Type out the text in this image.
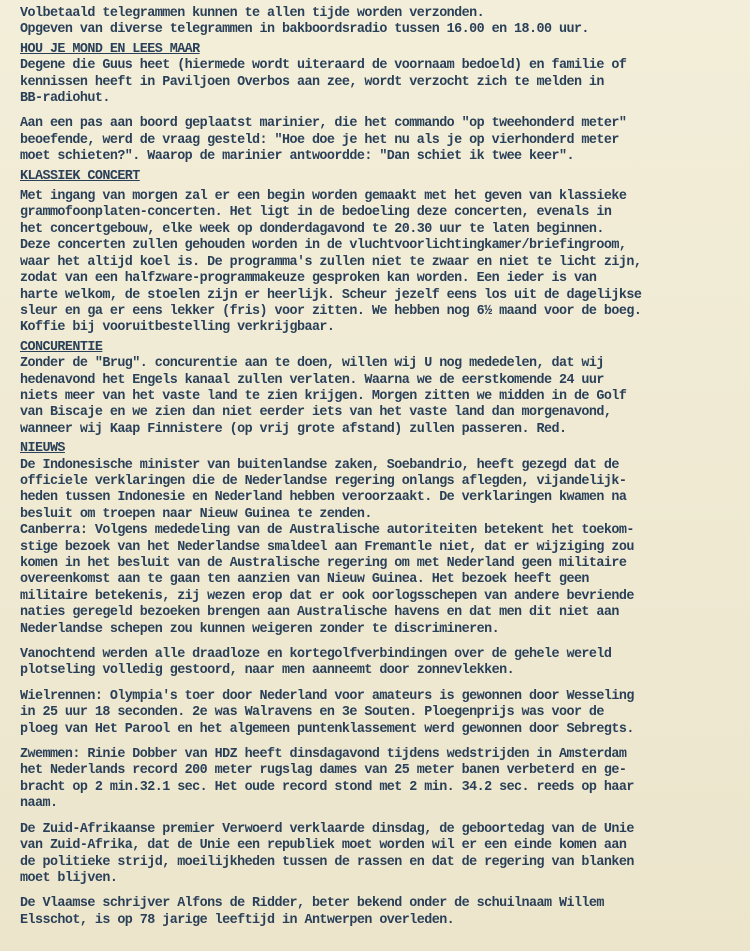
Volbetaald telegrammen kunnen te allen tijde worden verzonden.
Opgeven van diverse telegrammen in bakboordsradio tussen 16.00 en 18.00 uur.
HOU JE MOND EN LEES MAAR
Degene die Guus heet (hiermede wordt uiteraard de voornaam bedoeld) en familie of
kennissen heeft in Paviljoen Overbos aan zee, wordt verzocht zich te melden in
BB-radiohut.
Aan een pas aan boord geplaatst marinier, die het commando "op tweehonderd meter"
beoefende, werd de vraag gesteld: "Hoe doe je het nu als je op vierhonderd meter
moet schieten?". Waarop de marinier antwoordde: "Dan schiet ik twee keer".
KLASSIEK CONCERT
Met ingang van morgen zal er een begin worden gemaakt met het geven van klassieke
grammofoonplaten-concerten. Het ligt in de bedoeling deze concerten, evenals in
het concertgebouw, elke week op donderdagavond te 20.30 uur te laten beginnen.
Deze concerten zullen gehouden worden in de vluchtvoorlichtingkamer/briefingroom,
waar het altijd koel is. De programma's zullen niet te zwaar en niet te licht zijn,
zodat van een halfzware-programmakeuze gesproken kan worden. Een ieder is van
harte welkom, de stoelen zijn er heerlijk. Scheur jezelf eens los uit de dagelijkse
sleur en ga er eens lekker (fris) voor zitten. We hebben nog 6½ maand voor de boeg.
Koffie bij vooruitbestelling verkrijgbaar.
CONCURENTIE
Zonder de "Brug". concurentie aan te doen, willen wij U nog mededelen, dat wij
hedenavond het Engels kanaal zullen verlaten. Waarna we de eerstkomende 24 uur
niets meer van het vaste land te zien krijgen. Morgen zitten we midden in de Golf
van Biscaje en we zien dan niet eerder iets van het vaste land dan morgenavond,
wanneer wij Kaap Finnistere (op vrij grote afstand) zullen passeren. Red.
NIEUWS
De Indonesische minister van buitenlandse zaken, Soebandrio, heeft gezegd dat de
officiele verklaringen die de Nederlandse regering onlangs aflegden, vijandelijk-
heden tussen Indonesie en Nederland hebben veroorzaakt. De verklaringen kwamen na
besluit om troepen naar Nieuw Guinea te zenden.
Canberra: Volgens mededeling van de Australische autoriteiten betekent het toekom-
stige bezoek van het Nederlandse smaldeel aan Fremantle niet, dat er wijziging zou
komen in het besluit van de Australische regering om met Nederland geen militaire
overeenkomst aan te gaan ten aanzien van Nieuw Guinea. Het bezoek heeft geen
militaire betekenis, zij wezen erop dat er ook oorlogsschepen van andere bevriende
naties geregeld bezoeken brengen aan Australische havens en dat men dit niet aan
Nederlandse schepen zou kunnen weigeren zonder te discrimineren.
Vanochtend werden alle draadloze en kortegolfverbindingen over de gehele wereld
plotseling volledig gestoord, naar men aanneemt door zonnevlekken.
Wielrennen: Olympia's toer door Nederland voor amateurs is gewonnen door Wesseling
in 25 uur 18 seconden. 2e was Walravens en 3e Souten. Ploegenprijs was voor de
ploeg van Het Parool en het algemeen puntenklassement werd gewonnen door Sebregts.
Zwemmen: Rinie Dobber van HDZ heeft dinsdagavond tijdens wedstrijden in Amsterdam
het Nederlands record 200 meter rugslag dames van 25 meter banen verbeterd en ge-
bracht op 2 min.32.1 sec. Het oude record stond met 2 min. 34.2 sec. reeds op haar
naam.
De Zuid-Afrikaanse premier Verwoerd verklaarde dinsdag, de geboortedag van de Unie
van Zuid-Afrika, dat de Unie een republiek moet worden wil er een einde komen aan
de politieke strijd, moeilijkheden tussen de rassen en dat de regering van blanken
moet blijven.
De Vlaamse schrijver Alfons de Ridder, beter bekend onder de schuilnaam Willem
Elsschot, is op 78 jarige leeftijd in Antwerpen overleden.
